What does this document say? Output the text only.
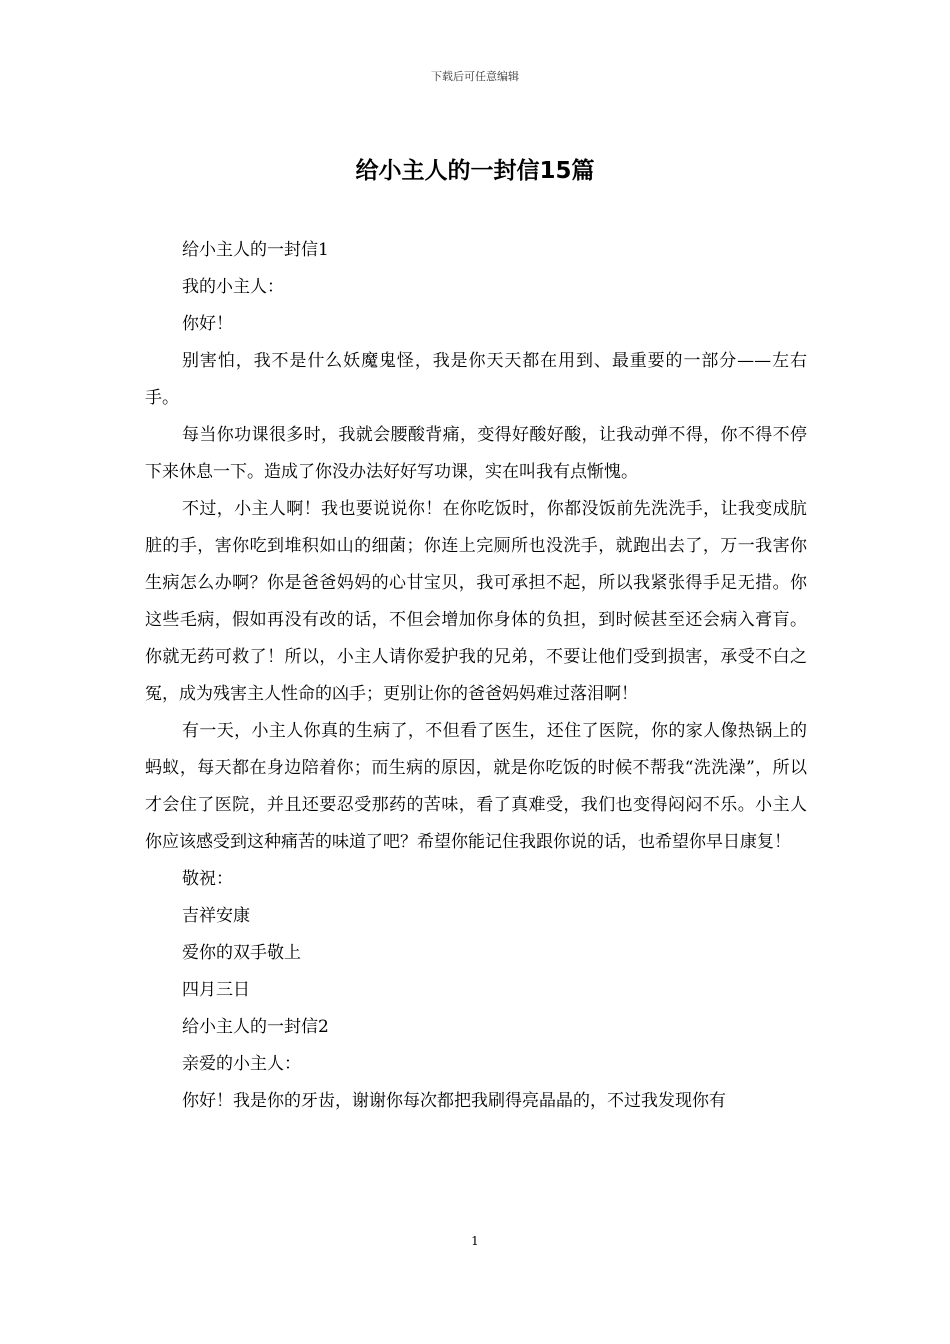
下载后可任意编辑
给小主人的一封信15篇

给小主人的一封信1

我的小主人：

你好！

别害怕，我不是什么妖魔鬼怪，我是你天天都在用到、最重要的一部分——左右手。

每当你功课很多时，我就会腰酸背痛，变得好酸好酸，让我动弹不得，你不得不停下来休息一下。造成了你没办法好好写功课，实在叫我有点惭愧。

不过，小主人啊！我也要说说你！在你吃饭时，你都没饭前先洗洗手，让我变成肮脏的手，害你吃到堆积如山的细菌；你连上完厕所也没洗手，就跑出去了，万一我害你生病怎么办啊？你是爸爸妈妈的心甘宝贝，我可承担不起，所以我紧张得手足无措。你这些毛病，假如再没有改的话，不但会增加你身体的负担，到时候甚至还会病入膏肓。你就无药可救了！所以，小主人请你爱护我的兄弟，不要让他们受到损害，承受不白之冤，成为残害主人性命的凶手；更别让你的爸爸妈妈难过落泪啊！

有一天，小主人你真的生病了，不但看了医生，还住了医院，你的家人像热锅上的蚂蚁，每天都在身边陪着你；而生病的原因，就是你吃饭的时候不帮我“洗洗澡”，所以才会住了医院，并且还要忍受那药的苦味，看了真难受，我们也变得闷闷不乐。小主人你应该感受到这种痛苦的味道了吧？希望你能记住我跟你说的话，也希望你早日康复！

敬祝：

吉祥安康

爱你的双手敬上

四月三日

给小主人的一封信2

亲爱的小主人：

你好！我是你的牙齿，谢谢你每次都把我刷得亮晶晶的，不过我发现你有

1
